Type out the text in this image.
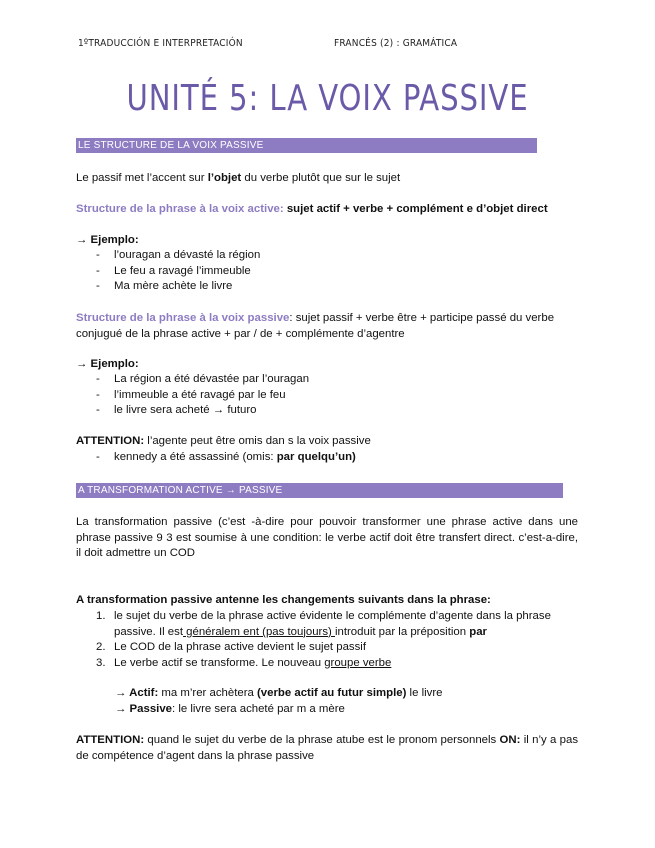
1ºTRADUCCIÓN E INTERPRETACIÓN	FRANCÉS (2) : GRAMÁTICA
UNITÉ 5: LA VOIX PASSIVE
LE STRUCTURE DE LA VOIX PASSIVE
Le passif met l’accent sur l’objet du verbe plutôt que sur le sujet
Structure de la phrase à la voix active: sujet actif + verbe + complément e d’objet direct
→ Ejemplo:
- l’ouragan a dévasté la région
- Le feu a ravagé l’immeuble
- Ma mère achète le livre
Structure de la phrase à la voix passive: sujet passif + verbe être + participe passé du verbe conjugué de la phrase active + par / de + complémente d’agentre
→ Ejemplo:
- La région a été dévastée par l’ouragan
- l’immeuble a été ravagé par le feu
- le livre sera acheté → futuro
ATTENTION: l’agente peut être omis dan s la voix passive
- kennedy a été assassiné (omis: par quelqu’un)
A TRANSFORMATION ACTIVE → PASSIVE
La transformation passive (c’est -à-dire pour pouvoir transformer une phrase active dans une phrase passive 9 3 est soumise à une condition: le verbe actif doit être transfert direct. c’est-a-dire, il doit admettre un COD
A transformation passive antenne les changements suivants dans la phrase:
1. le sujet du verbe de la phrase active évidente le complémente d’agente dans la phrase passive. Il est généralem ent (pas toujours) introduit par la préposition par
2. Le COD de la phrase active devient le sujet passif
3. Le verbe actif se transforme. Le nouveau groupe verbe
→ Actif: ma m’rer achètera (verbe actif au futur simple) le livre
→ Passive: le livre sera acheté par m a mère
ATTENTION: quand le sujet du verbe de la phrase atube est le pronom personnels ON: il n’y a pas de compétence d’agent dans la phrase passive
